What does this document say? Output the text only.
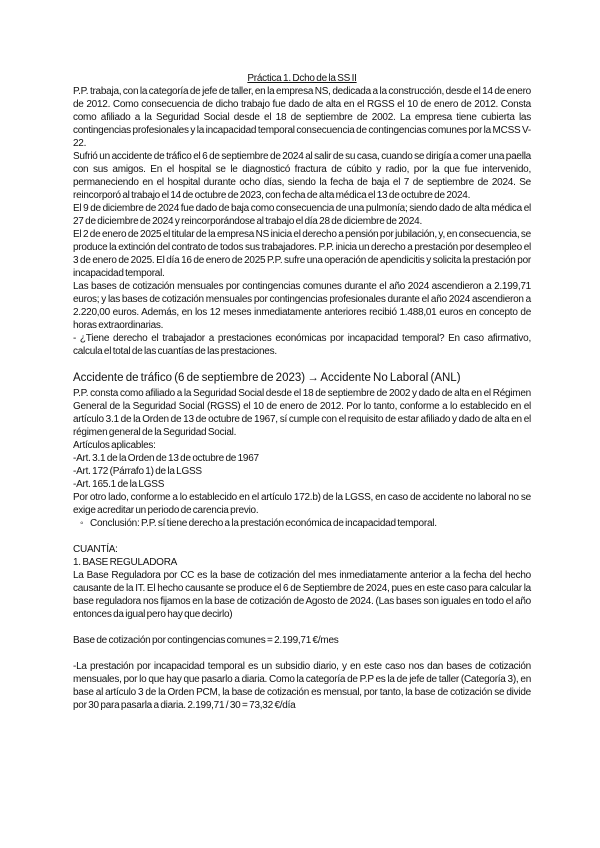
Práctica 1. Dcho de la SS II

P.P. trabaja, con la categoría de jefe de taller, en la empresa NS, dedicada a la construcción, desde el 14 de enero de 2012. Como consecuencia de dicho trabajo fue dado de alta en el RGSS el 10 de enero de 2012. Consta como afiliado a la Seguridad Social desde el 18 de septiembre de 2002. La empresa tiene cubierta las contingencias profesionales y la incapacidad temporal consecuencia de contingencias comunes por la MCSS V-22.

Sufrió un accidente de tráfico el 6 de septiembre de 2024 al salir de su casa, cuando se dirigía a comer una paella con sus amigos. En el hospital se le diagnosticó fractura de cúbito y radio, por la que fue intervenido, permaneciendo en el hospital durante ocho días, siendo la fecha de baja el 7 de septiembre de 2024. Se reincorporó al trabajo el 14 de octubre de 2023, con fecha de alta médica el 13 de octubre de 2024.

El 9 de diciembre de 2024 fue dado de baja como consecuencia de una pulmonía; siendo dado de alta médica el 27 de diciembre de 2024 y reincorporándose al trabajo el día 28 de diciembre de 2024.

El 2 de enero de 2025 el titular de la empresa NS inicia el derecho a pensión por jubilación, y, en consecuencia, se produce la extinción del contrato de todos sus trabajadores. P.P. inicia un derecho a prestación por desempleo el 3 de enero de 2025. El día 16 de enero de 2025 P.P. sufre una operación de apendicitis y solicita la prestación por incapacidad temporal.

Las bases de cotización mensuales por contingencias comunes durante el año 2024 ascendieron a 2.199,71 euros; y las bases de cotización mensuales por contingencias profesionales durante el año 2024 ascendieron a 2.220,00 euros. Además, en los 12 meses inmediatamente anteriores recibió 1.488,01 euros en concepto de horas extraordinarias.

- ¿Tiene derecho el trabajador a prestaciones económicas por incapacidad temporal? En caso afirmativo, calcula el total de las cuantías de las prestaciones.

Accidente de tráfico (6 de septiembre de 2023) → Accidente No Laboral (ANL)

P.P. consta como afiliado a la Seguridad Social desde el 18 de septiembre de 2002 y dado de alta en el Régimen General de la Seguridad Social (RGSS) el 10 de enero de 2012. Por lo tanto, conforme a lo establecido en el artículo 3.1 de la Orden de 13 de octubre de 1967, sí cumple con el requisito de estar afiliado y dado de alta en el régimen general de la Seguridad Social.

Artículos aplicables:

-Art. 3.1 de la Orden de 13 de octubre de 1967

-Art. 172 (Párrafo 1) de la LGSS

-Art. 165.1 de la LGSS

Por otro lado, conforme a lo establecido en el artículo 172.b) de la LGSS, en caso de accidente no laboral no se exige acreditar un periodo de carencia previo.

◦ Conclusión: P.P. sí tiene derecho a la prestación económica de incapacidad temporal.

CUANTÍA:

1. BASE REGULADORA

La Base Reguladora por CC es la base de cotización del mes inmediatamente anterior a la fecha del hecho causante de la IT. El hecho causante se produce el 6 de Septiembre de 2024, pues en este caso para calcular la base reguladora nos fijamos en la base de cotización de Agosto de 2024. (Las bases son iguales en todo el año entonces da igual pero hay que decirlo)

Base de cotización por contingencias comunes = 2.199,71 €/mes

-La prestación por incapacidad temporal es un subsidio diario, y en este caso nos dan bases de cotización mensuales, por lo que hay que pasarlo a diaria. Como la categoría de P.P es la de jefe de taller (Categoría 3), en base al artículo 3 de la Orden PCM, la base de cotización es mensual, por tanto, la base de cotización se divide por 30 para pasarla a diaria. 2.199,71 / 30 = 73,32 €/día
